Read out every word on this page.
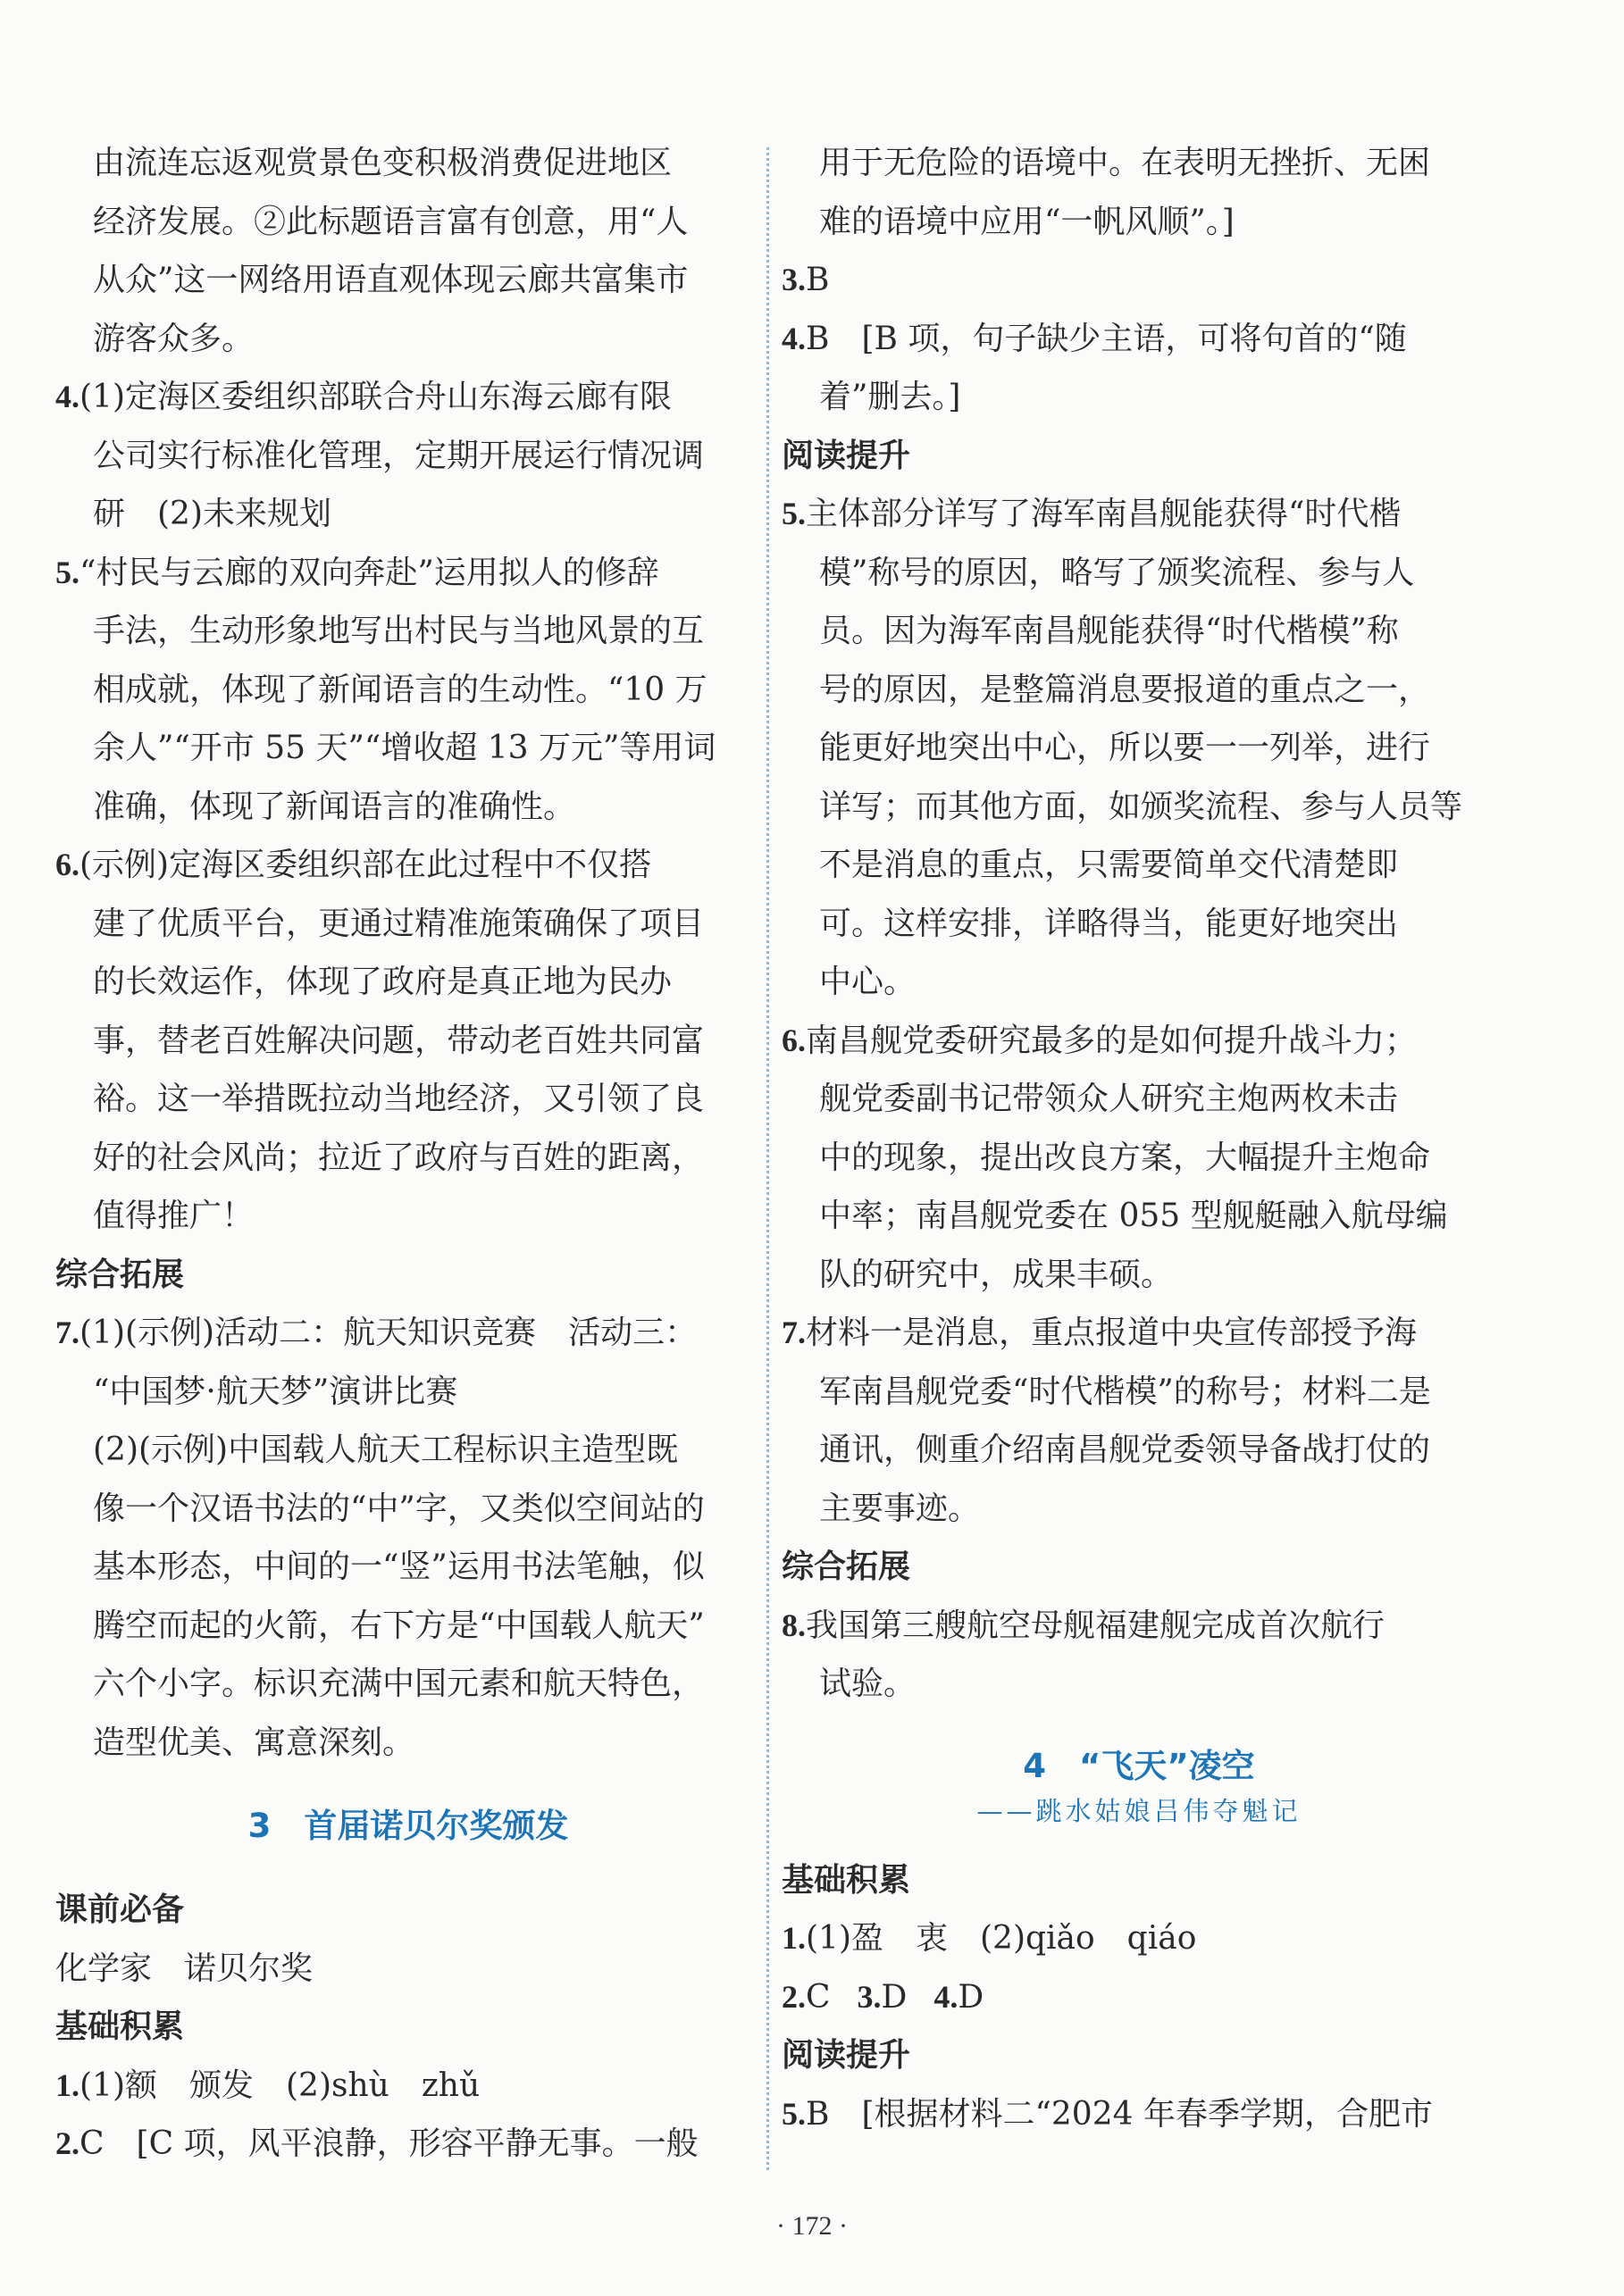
由流连忘返观赏景色变积极消费促进地区
经济发展。②此标题语言富有创意，用“人
从众”这一网络用语直观体现云廊共富集市
游客众多。
4.(1)定海区委组织部联合舟山东海云廊有限
公司实行标准化管理，定期开展运行情况调
研　(2)未来规划
5.“村民与云廊的双向奔赴”运用拟人的修辞
手法，生动形象地写出村民与当地风景的互
相成就，体现了新闻语言的生动性。“10 万
余人”“开市 55 天”“增收超 13 万元”等用词
准确，体现了新闻语言的准确性。
6.(示例)定海区委组织部在此过程中不仅搭
建了优质平台，更通过精准施策确保了项目
的长效运作，体现了政府是真正地为民办
事，替老百姓解决问题，带动老百姓共同富
裕。这一举措既拉动当地经济，又引领了良
好的社会风尚；拉近了政府与百姓的距离，
值得推广！
综合拓展
7.(1)(示例)活动二：航天知识竞赛　活动三：
“中国梦·航天梦”演讲比赛
(2)(示例)中国载人航天工程标识主造型既
像一个汉语书法的“中”字，又类似空间站的
基本形态，中间的一“竖”运用书法笔触，似
腾空而起的火箭，右下方是“中国载人航天”
六个小字。标识充满中国元素和航天特色，
造型优美、寓意深刻。
3　首届诺贝尔奖颁发
课前必备
化学家　诺贝尔奖
基础积累
1.(1)额　颁发　(2)shù　zhǔ
2.C　[C 项，风平浪静，形容平静无事。一般
用于无危险的语境中。在表明无挫折、无困
难的语境中应用“一帆风顺”。]
3.B
4.B　[B 项，句子缺少主语，可将句首的“随
着”删去。]
阅读提升
5.主体部分详写了海军南昌舰能获得“时代楷
模”称号的原因，略写了颁奖流程、参与人
员。因为海军南昌舰能获得“时代楷模”称
号的原因，是整篇消息要报道的重点之一，
能更好地突出中心，所以要一一列举，进行
详写；而其他方面，如颁奖流程、参与人员等
不是消息的重点，只需要简单交代清楚即
可。这样安排，详略得当，能更好地突出
中心。
6.南昌舰党委研究最多的是如何提升战斗力；
舰党委副书记带领众人研究主炮两枚未击
中的现象，提出改良方案，大幅提升主炮命
中率；南昌舰党委在 055 型舰艇融入航母编
队的研究中，成果丰硕。
7.材料一是消息，重点报道中央宣传部授予海
军南昌舰党委“时代楷模”的称号；材料二是
通讯，侧重介绍南昌舰党委领导备战打仗的
主要事迹。
综合拓展
8.我国第三艘航空母舰福建舰完成首次航行
试验。
4　“飞天”凌空
——跳水姑娘吕伟夺魁记
基础积累
1.(1)盈　衷　(2)qiǎo　qiáo
2.C 3.D 4.D
阅读提升
5.B　[根据材料二“2024 年春季学期，合肥市
· 172 ·
